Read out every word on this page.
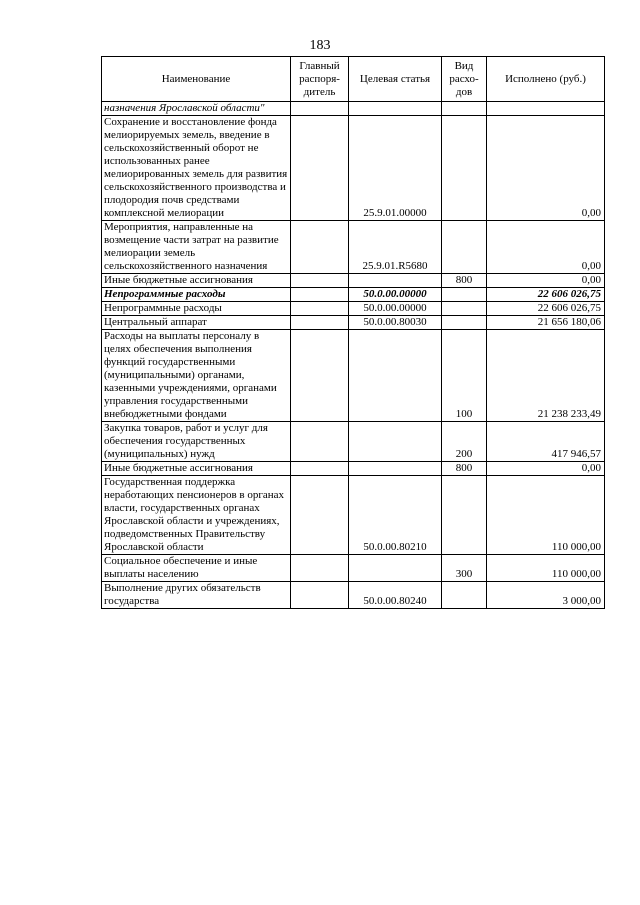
183
Наименование	Главный распоря-дитель	Целевая статья	Вид расхо-дов	Исполнено (руб.)
назначения Ярославской области"				
Сохранение и восстановление фонда мелиорируемых земель, введение в сельскохозяйственный оборот не использованных ранее мелиорированных земель для развития сельскохозяйственного производства и плодородия почв средствами комплексной мелиорации		25.9.01.00000		0,00
Мероприятия, направленные на возмещение части затрат на развитие мелиорации земель сельскохозяйственного назначения		25.9.01.R5680		0,00
Иные бюджетные ассигнования			800	0,00
Непрограммные расходы		50.0.00.00000		22 606 026,75
Непрограммные расходы		50.0.00.00000		22 606 026,75
Центральный аппарат		50.0.00.80030		21 656 180,06
Расходы на выплаты персоналу в целях обеспечения выполнения функций государственными (муниципальными) органами, казенными учреждениями, органами управления государственными внебюджетными фондами			100	21 238 233,49
Закупка товаров, работ и услуг для обеспечения государственных (муниципальных) нужд			200	417 946,57
Иные бюджетные ассигнования			800	0,00
Государственная поддержка неработающих пенсионеров в органах власти, государственных органах Ярославской области и учреждениях, подведомственных Правительству Ярославской области		50.0.00.80210		110 000,00
Социальное обеспечение и иные выплаты населению			300	110 000,00
Выполнение других обязательств государства		50.0.00.80240		3 000,00
